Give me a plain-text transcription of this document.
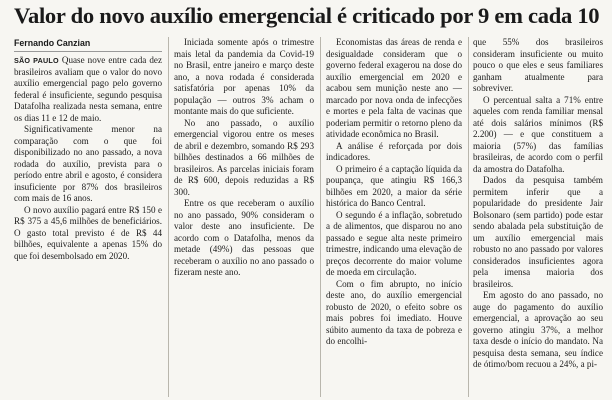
Valor do novo auxílio emergencial é criticado por 9 em cada 10
Fernando Canzian

SÃO PAULO Quase nove entre cada dez brasileiros avaliam que o valor do novo auxílio emergencial pago pelo governo federal é insuficiente, segundo pesquisa Datafolha realizada nesta semana, entre os dias 11 e 12 de maio.

Significativamente menor na comparação com o que foi disponibilizado no ano passado, a nova rodada do auxílio, prevista para o período entre abril e agosto, é considera insuficiente por 87% dos brasileiros com mais de 16 anos.

O novo auxílio pagará entre R$ 150 e R$ 375 a 45,6 milhões de beneficiários. O gasto total previsto é de R$ 44 bilhões, equivalente a apenas 15% do que foi desembolsado em 2020.

Iniciada somente após o trimestre mais letal da pandemia da Covid-19 no Brasil, entre janeiro e março deste ano, a nova rodada é considerada satisfatória por apenas 10% da população — outros 3% acham o montante mais do que suficiente.

No ano passado, o auxílio emergencial vigorou entre os meses de abril e dezembro, somando R$ 293 bilhões destinados a 66 milhões de brasileiros. As parcelas iniciais foram de R$ 600, depois reduzidas a R$ 300.

Entre os que receberam o auxílio no ano passado, 90% consideram o valor deste ano insuficiente. De acordo com o Datafolha, menos da metade (49%) das pessoas que receberam o auxílio no ano passado o fizeram neste ano.

Economistas das áreas de renda e desigualdade consideram que o governo federal exagerou na dose do auxílio emergencial em 2020 e acabou sem munição neste ano — marcado por nova onda de infecções e mortes e pela falta de vacinas que poderiam permitir o retorno pleno da atividade econômica no Brasil.

A análise é reforçada por dois indicadores.

O primeiro é a captação líquida da poupança, que atingiu R$ 166,3 bilhões em 2020, a maior da série histórica do Banco Central.

O segundo é a inflação, sobretudo a de alimentos, que disparou no ano passado e segue alta neste primeiro trimestre, indicando uma elevação de preços decorrente do maior volume de moeda em circulação.

Com o fim abrupto, no início deste ano, do auxílio emergencial robusto de 2020, o efeito sobre os mais pobres foi imediato. Houve súbito aumento da taxa de pobreza e do encolhi-

que 55% dos brasileiros consideram insuficiente ou muito pouco o que eles e seus familiares ganham atualmente para sobreviver.

O percentual salta a 71% entre aqueles com renda familiar mensal até dois salários mínimos (R$ 2.200) — e que constituem a maioria (57%) das famílias brasileiras, de acordo com o perfil da amostra do Datafolha.

Dados da pesquisa também permitem inferir que a popularidade do presidente Jair Bolsonaro (sem partido) pode estar sendo abalada pela substituição de um auxílio emergencial mais robusto no ano passado por valores considerados insuficientes agora pela imensa maioria dos brasileiros.

Em agosto do ano passado, no auge do pagamento do auxílio emergencial, a aprovação ao seu governo atingiu 37%, a melhor taxa desde o início do mandato. Na pesquisa desta semana, seu índice de ótimo/bom recuou a 24%, a pi-
